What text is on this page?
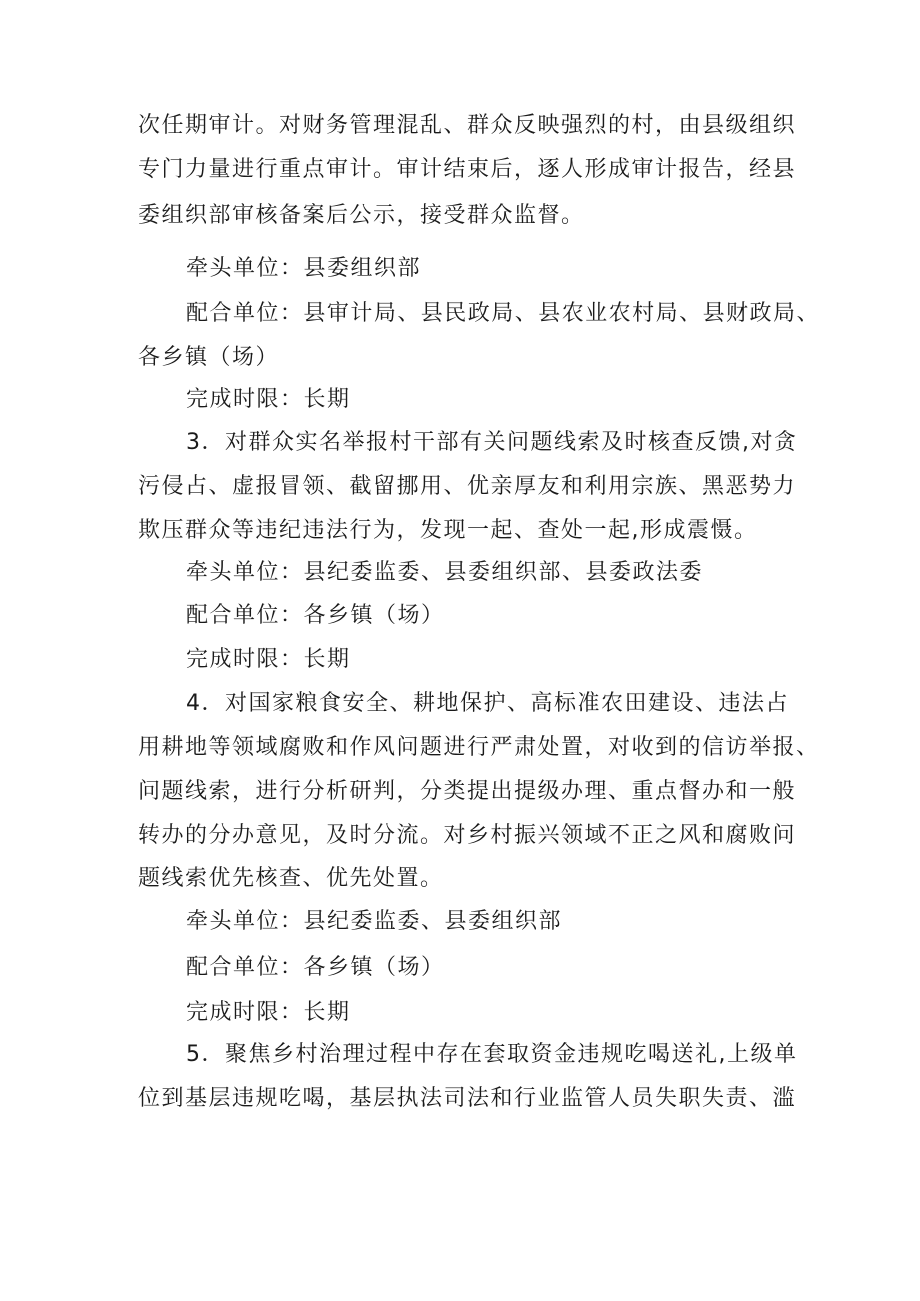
次任期审计。对财务管理混乱、群众反映强烈的村，由县级组织
专门力量进行重点审计。审计结束后，逐人形成审计报告，经县
委组织部审核备案后公示，接受群众监督。
牵头单位：县委组织部
配合单位：县审计局、县民政局、县农业农村局、县财政局、
各乡镇（场）
完成时限：长期
3．对群众实名举报村干部有关问题线索及时核查反馈,对贪
污侵占、虚报冒领、截留挪用、优亲厚友和利用宗族、黑恶势力
欺压群众等违纪违法行为，发现一起、查处一起,形成震慑。
牵头单位：县纪委监委、县委组织部、县委政法委
配合单位：各乡镇（场）
完成时限：长期
4．对国家粮食安全、耕地保护、高标准农田建设、违法占
用耕地等领域腐败和作风问题进行严肃处置，对收到的信访举报、
问题线索，进行分析研判，分类提出提级办理、重点督办和一般
转办的分办意见，及时分流。对乡村振兴领域不正之风和腐败问
题线索优先核查、优先处置。
牵头单位：县纪委监委、县委组织部
配合单位：各乡镇（场）
完成时限：长期
5．聚焦乡村治理过程中存在套取资金违规吃喝送礼,上级单
位到基层违规吃喝，基层执法司法和行业监管人员失职失责、滥
